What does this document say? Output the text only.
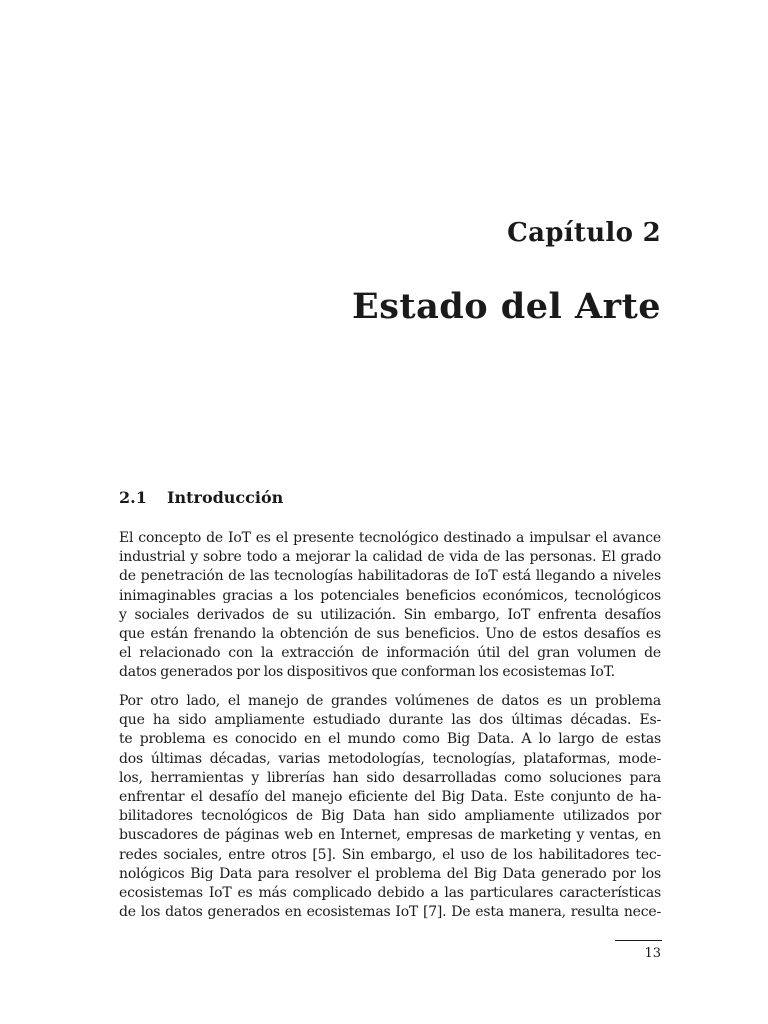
Capítulo 2
Estado del Arte
2.1 Introducción
El concepto de IoT es el presente tecnológico destinado a impulsar el avance
industrial y sobre todo a mejorar la calidad de vida de las personas. El grado
de penetración de las tecnologías habilitadoras de IoT está llegando a niveles
inimaginables gracias a los potenciales beneficios económicos, tecnológicos
y sociales derivados de su utilización. Sin embargo, IoT enfrenta desafíos
que están frenando la obtención de sus beneficios. Uno de estos desafíos es
el relacionado con la extracción de información útil del gran volumen de
datos generados por los dispositivos que conforman los ecosistemas IoT.
Por otro lado, el manejo de grandes volúmenes de datos es un problema
que ha sido ampliamente estudiado durante las dos últimas décadas. Es-
te problema es conocido en el mundo como Big Data. A lo largo de estas
dos últimas décadas, varias metodologías, tecnologías, plataformas, mode-
los, herramientas y librerías han sido desarrolladas como soluciones para
enfrentar el desafío del manejo eficiente del Big Data. Este conjunto de ha-
bilitadores tecnológicos de Big Data han sido ampliamente utilizados por
buscadores de páginas web en Internet, empresas de marketing y ventas, en
redes sociales, entre otros [5]. Sin embargo, el uso de los habilitadores tec-
nológicos Big Data para resolver el problema del Big Data generado por los
ecosistemas IoT es más complicado debido a las particulares características
de los datos generados en ecosistemas IoT [7]. De esta manera, resulta nece-
13
